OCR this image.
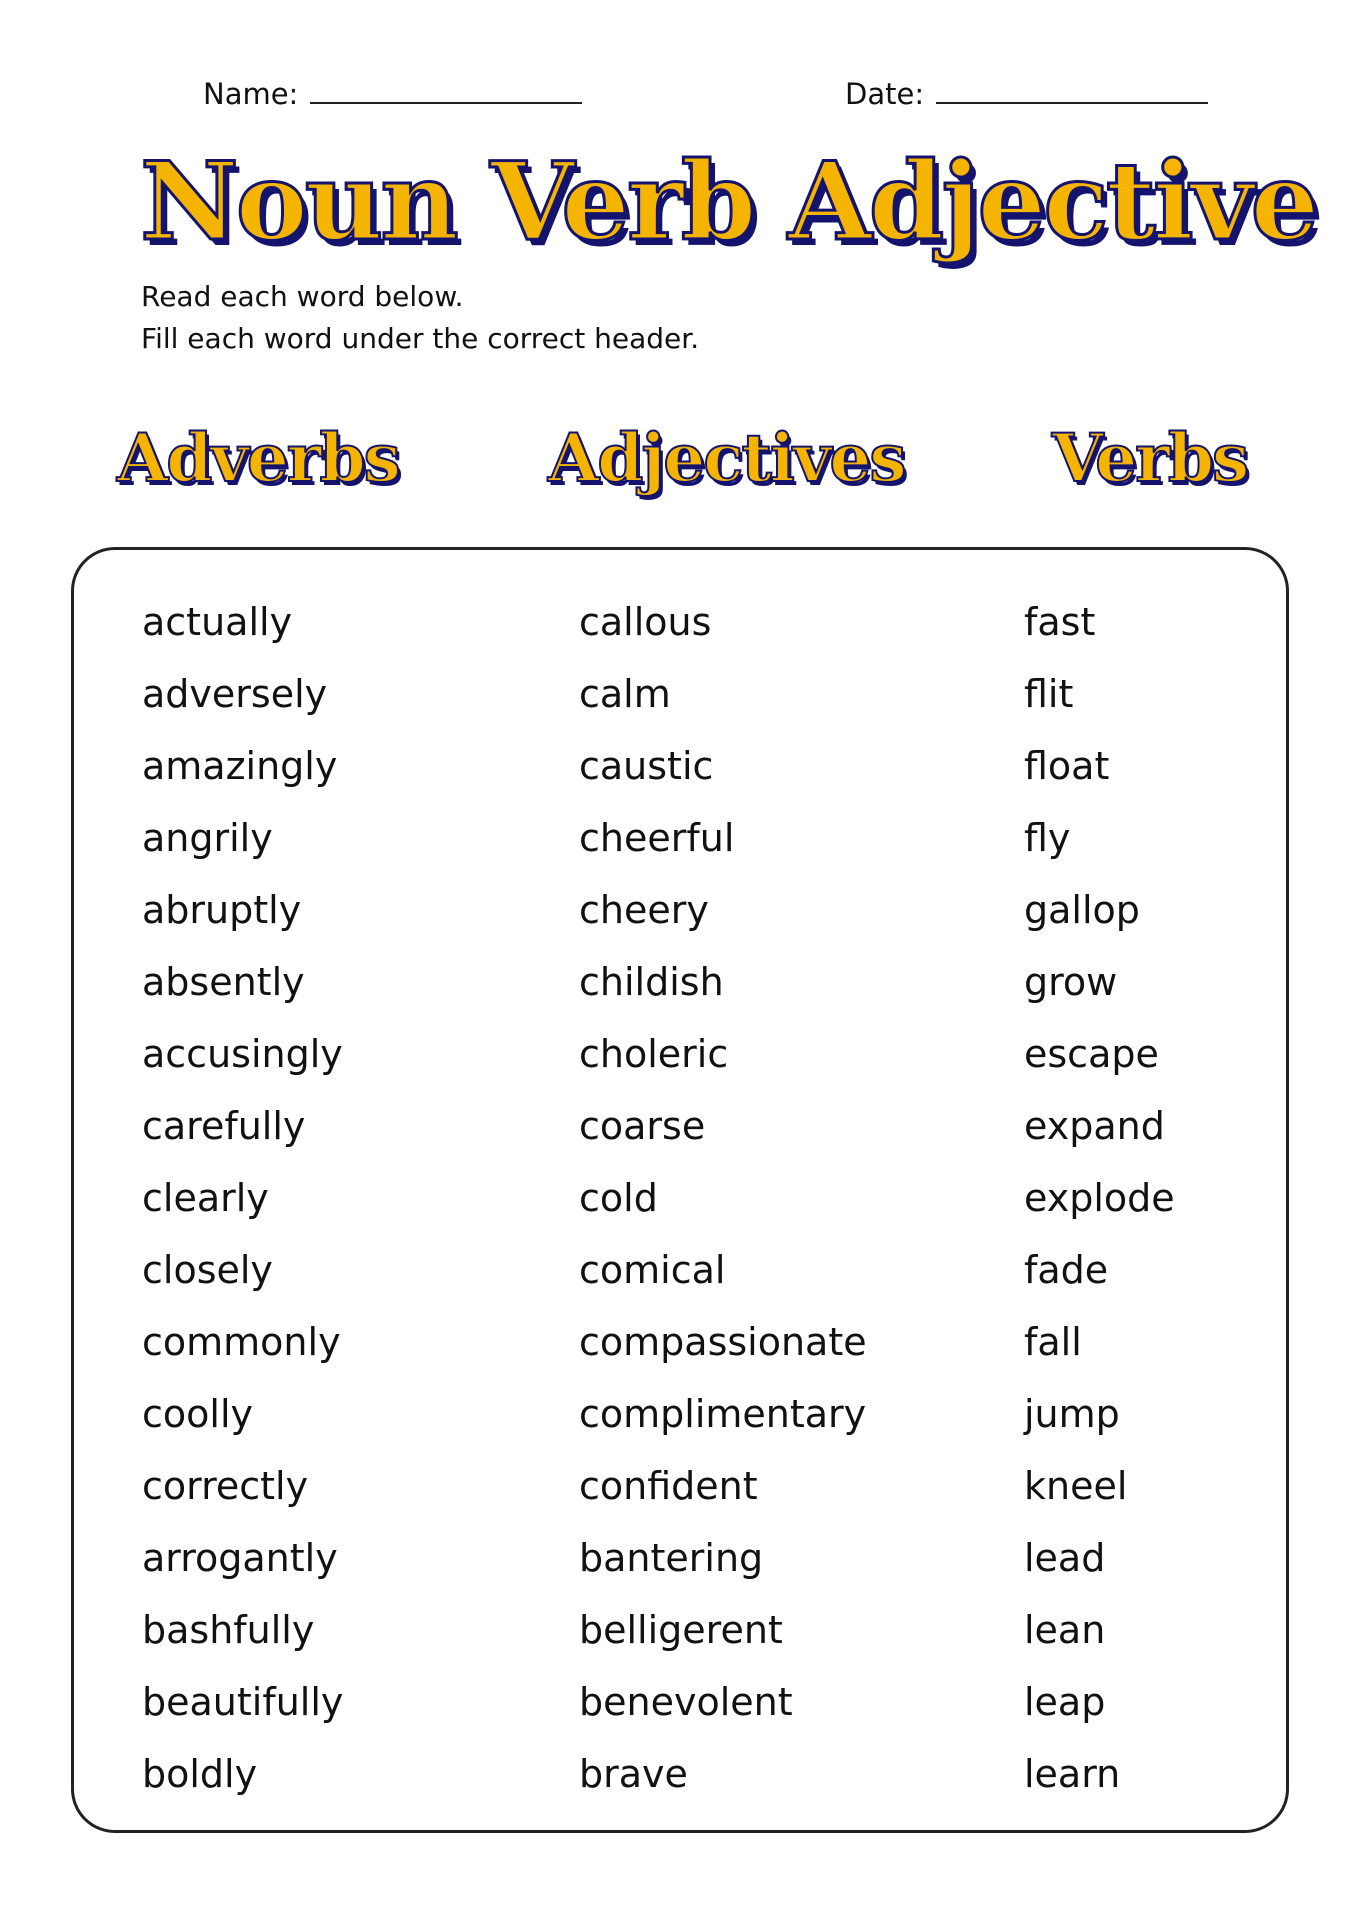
Name:	Date:
Noun Verb Adjective
Read each word below.
Fill each word under the correct header.
Adverbs Adjectives Verbs
actually
adversely
amazingly
angrily
abruptly
absently
accusingly
carefully
clearly
closely
commonly
coolly
correctly
arrogantly
bashfully
beautifully
boldly
callous
calm
caustic
cheerful
cheery
childish
choleric
coarse
cold
comical
compassionate
complimentary
confident
bantering
belligerent
benevolent
brave
fast
flit
float
fly
gallop
grow
escape
expand
explode
fade
fall
jump
kneel
lead
lean
leap
learn
